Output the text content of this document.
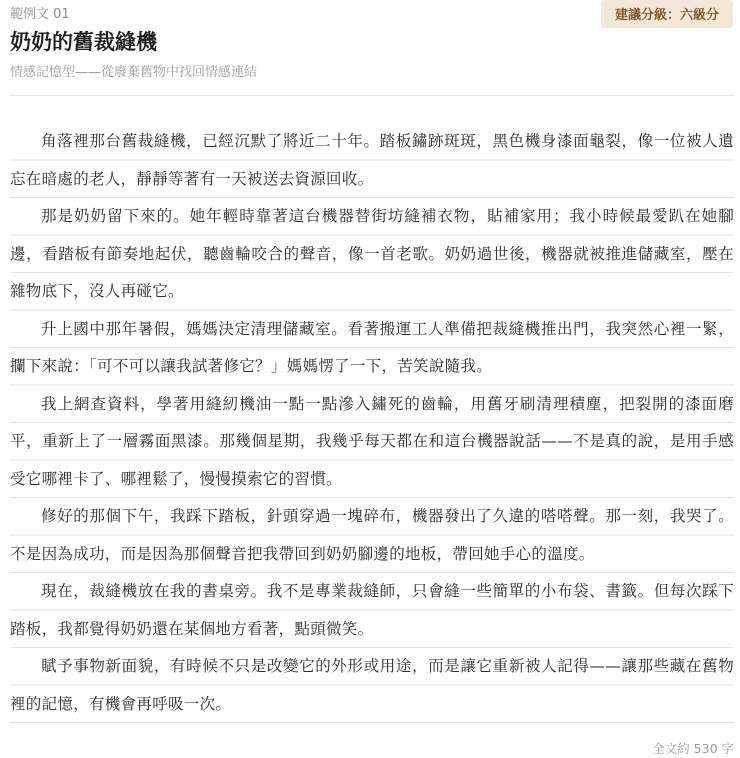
範例文 01	建議分級：六級分
奶奶的舊裁縫機
情感記憶型——從廢棄舊物中找回情感連結

角落裡那台舊裁縫機，已經沉默了將近二十年。踏板鏽跡斑斑，黑色機身漆面龜裂，像一位被人遺忘在暗處的老人，靜靜等著有一天被送去資源回收。

那是奶奶留下來的。她年輕時靠著這台機器替街坊縫補衣物，貼補家用；我小時候最愛趴在她腳邊，看踏板有節奏地起伏，聽齒輪咬合的聲音，像一首老歌。奶奶過世後，機器就被推進儲藏室，壓在雜物底下，沒人再碰它。

升上國中那年暑假，媽媽決定清理儲藏室。看著搬運工人準備把裁縫機推出門，我突然心裡一緊，攔下來說：「可不可以讓我試著修它？」媽媽愣了一下，苦笑說隨我。

我上網查資料，學著用縫紉機油一點一點滲入鏽死的齒輪，用舊牙刷清理積塵，把裂開的漆面磨平，重新上了一層霧面黑漆。那幾個星期，我幾乎每天都在和這台機器說話——不是真的說，是用手感受它哪裡卡了、哪裡鬆了，慢慢摸索它的習慣。

修好的那個下午，我踩下踏板，針頭穿過一塊碎布，機器發出了久違的嗒嗒聲。那一刻，我哭了。不是因為成功，而是因為那個聲音把我帶回到奶奶腳邊的地板，帶回她手心的溫度。

現在，裁縫機放在我的書桌旁。我不是專業裁縫師，只會縫一些簡單的小布袋、書籤。但每次踩下踏板，我都覺得奶奶還在某個地方看著，點頭微笑。

賦予事物新面貌，有時候不只是改變它的外形或用途，而是讓它重新被人記得——讓那些藏在舊物裡的記憶，有機會再呼吸一次。

全文約 530 字
